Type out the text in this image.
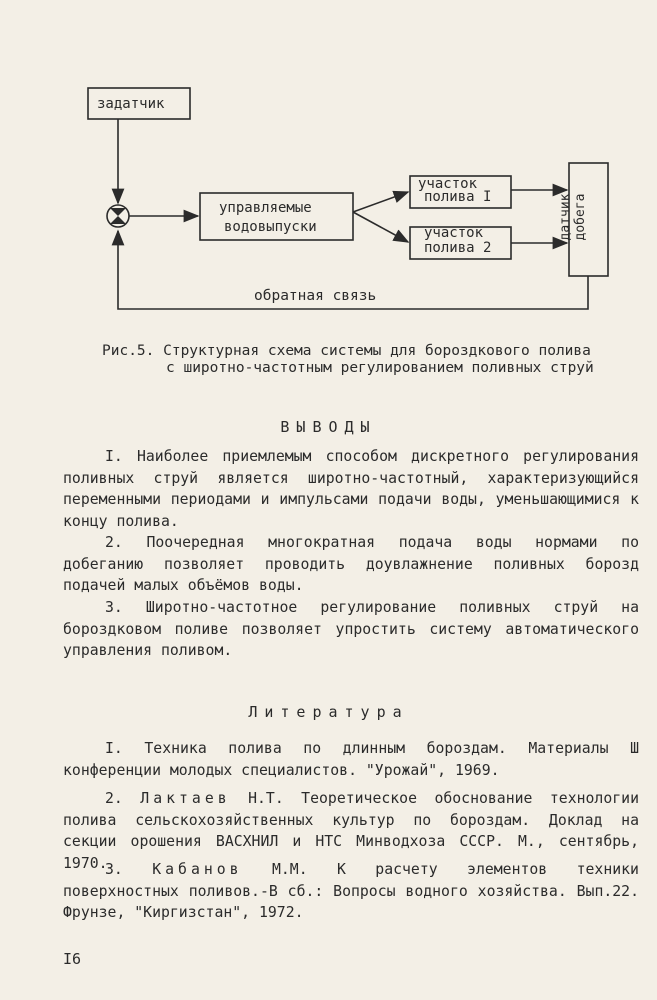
задатчик
управляемые
водовыпуски
участок
полива I
участок
полива 2
датчик добега
обратная связь
Рис.5. Структурная схема системы для бороздкового полива
с широтно-частотным регулированием поливных струй
ВЫВОДЫ

I. Наиболее приемлемым способом дискретного регулирования поливных струй является широтно-частотный, характеризующийся переменными периодами и импульсами подачи воды, уменьшающимися к концу полива.

2. Поочередная многократная подача воды нормами по добеганию позволяет проводить доувлажнение поливных борозд подачей малых объёмов воды.

3. Широтно-частотное регулирование поливных струй на бороздковом поливе позволяет упростить систему автоматического управления поливом.

Литература

I. Техника полива по длинным бороздам. Материалы Ш конференции молодых специалистов. "Урожай", 1969.

2. Лактаев Н.Т. Теоретическое обоснование технологии полива сельскохозяйственных культур по бороздам. Доклад на секции орошения ВАСХНИЛ и НТС Минводхоза СССР. М., сентябрь, 1970.

3. Кабанов М.М. К расчету элементов техники поверхностных поливов.-В сб.: Вопросы водного хозяйства. Вып.22. Фрунзе, "Киргизстан", 1972.

I6
